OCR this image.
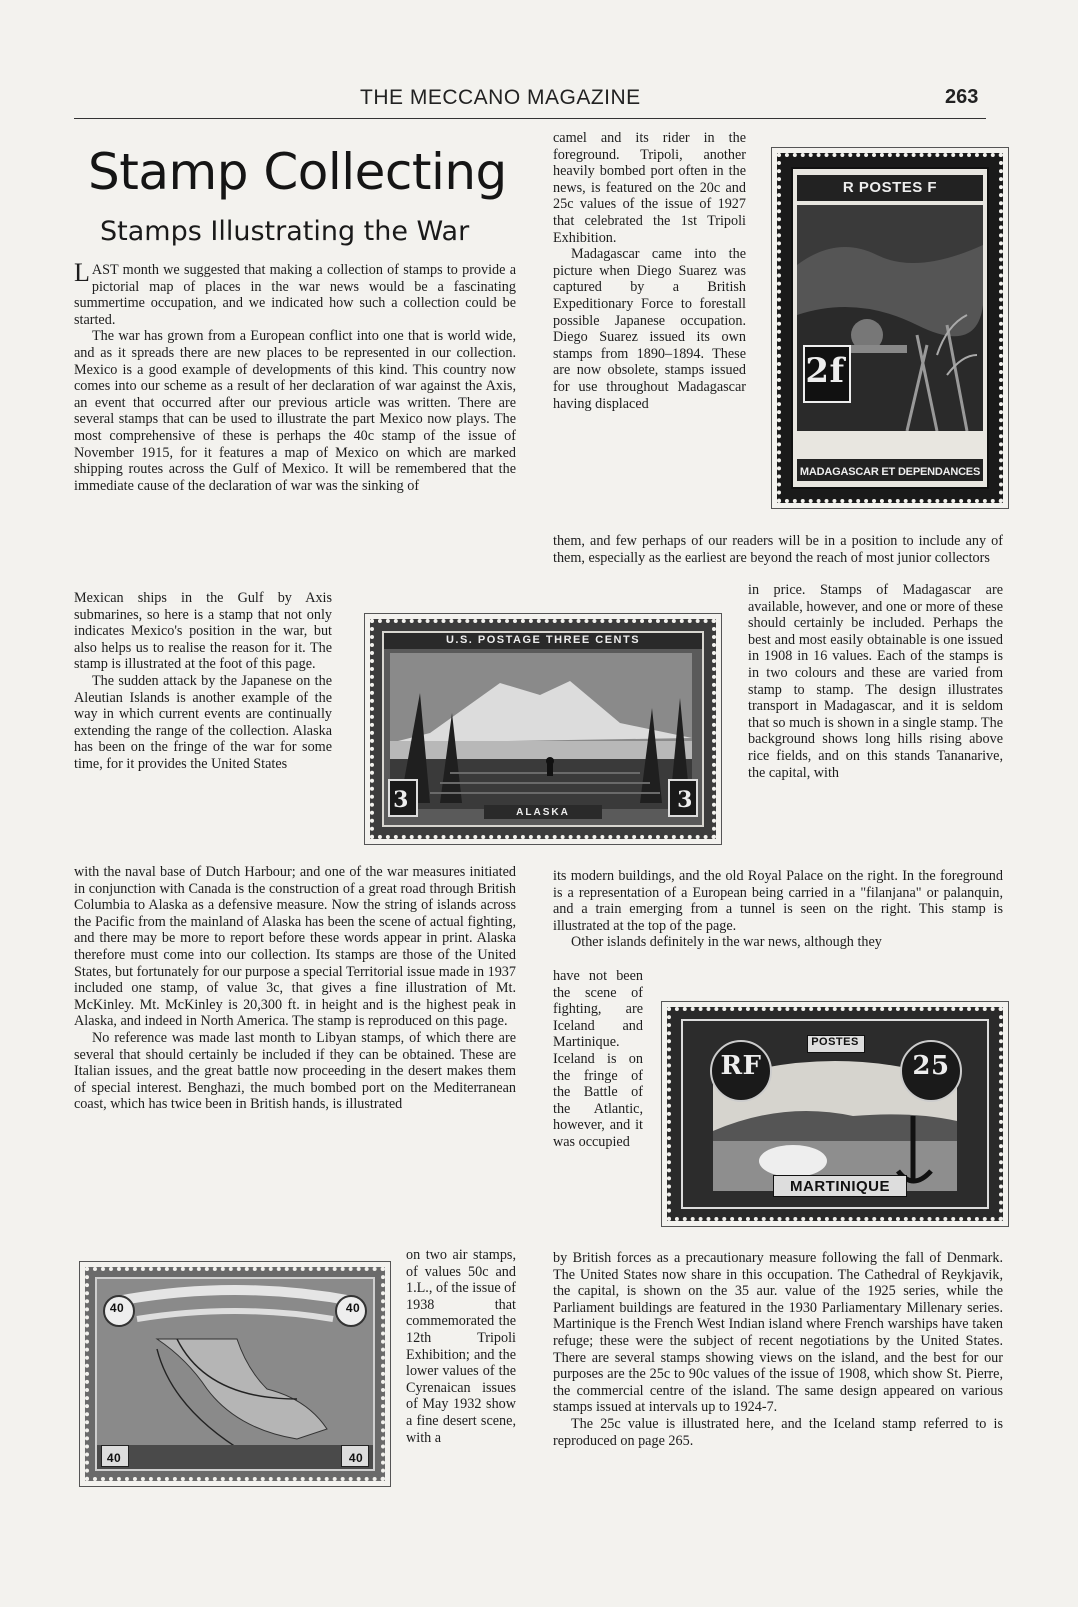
THE MECCANO MAGAZINE	263
Stamp Collecting
Stamps Illustrating the War

LAST month we suggested that making a collection of stamps to provide a pictorial map of places in the war news would be a fascinating summertime occupation, and we indicated how such a collection could be started.

The war has grown from a European conflict into one that is world wide, and as it spreads there are new places to be represented in our collection. Mexico is a good example of developments of this kind. This country now comes into our scheme as a result of her declaration of war against the Axis, an event that occurred after our previous article was written. There are several stamps that can be used to illustrate the part Mexico now plays. The most comprehensive of these is perhaps the 40c stamp of the issue of November 1915, for it features a map of Mexico on which are marked shipping routes across the Gulf of Mexico. It will be remembered that the immediate cause of the declaration of war was the sinking of

Mexican ships in the Gulf by Axis submarines, so here is a stamp that not only indicates Mexico's position in the war, but also helps us to realise the reason for it. The stamp is illustrated at the foot of this page.

The sudden attack by the Japanese on the Aleutian Islands is another example of the way in which current events are continually extending the range of the collection. Alaska has been on the fringe of the war for some time, for it provides the United States

with the naval base of Dutch Harbour; and one of the war measures initiated in conjunction with Canada is the construction of a great road through British Columbia to Alaska as a defensive measure. Now the string of islands across the Pacific from the mainland of Alaska has been the scene of actual fighting, and there may be more to report before these words appear in print. Alaska therefore must come into our collection. Its stamps are those of the United States, but fortunately for our purpose a special Territorial issue made in 1937 included one stamp, of value 3c, that gives a fine illustration of Mt. McKinley. Mt. McKinley is 20,300 ft. in height and is the highest peak in Alaska, and indeed in North America. The stamp is reproduced on this page.

No reference was made last month to Libyan stamps, of which there are several that should certainly be included if they can be obtained. These are Italian issues, and the great battle now proceeding in the desert makes them of special interest. Benghazi, the much bombed port on the Mediterranean coast, which has twice been in British hands, is illustrated

on two air stamps, of values 50c and 1.L., of the issue of 1938 that commemorated the 12th Tripoli Exhibition; and the lower values of the Cyrenaican issues of May 1932 show a fine desert scene, with a

camel and its rider in the foreground. Tripoli, another heavily bombed port often in the news, is featured on the 20c and 25c values of the issue of 1927 that celebrated the 1st Tripoli Exhibition.

Madagascar came into the picture when Diego Suarez was captured by a British Expeditionary Force to forestall possible Japanese occupation. Diego Suarez issued its own stamps from 1890–1894. These are now obsolete, stamps issued for use throughout Madagascar having displaced

them, and few perhaps of our readers will be in a position to include any of them, especially as the earliest are beyond the reach of most junior collectors

in price. Stamps of Madagascar are available, however, and one or more of these should certainly be included. Perhaps the best and most easily obtainable is one issued in 1908 in 16 values. Each of the stamps is in two colours and these are varied from stamp to stamp. The design illustrates transport in Madagascar, and it is seldom that so much is shown in a single stamp. The background shows long hills rising above rice fields, and on this stands Tananarive, the capital, with

its modern buildings, and the old Royal Palace on the right. In the foreground is a representation of a European being carried in a "filanjana" or palanquin, and a train emerging from a tunnel is seen on the right. This stamp is illustrated at the top of the page.

Other islands definitely in the war news, although they

have not been the scene of fighting, are Iceland and Martinique. Iceland is on the fringe of the Battle of the Atlantic, however, and it was occupied

by British forces as a precautionary measure following the fall of Denmark. The United States now share in this occupation. The Cathedral of Reykjavik, the capital, is shown on the 35 aur. value of the 1925 series, while the Parliament buildings are featured in the 1930 Parliamentary Millenary series. Martinique is the French West Indian island where French warships have taken refuge; these were the subject of recent negotiations by the United States. There are several stamps showing views on the island, and the best for our purposes are the 25c to 90c values of the issue of 1908, which show St. Pierre, the commercial centre of the island. The same design appeared on various stamps issued at intervals up to 1924-7.

The 25c value is illustrated here, and the Iceland stamp referred to is reproduced on page 265.

R POSTES F
2f
MADAGASCAR ET DEPENDANCES
U.S. POSTAGE THREE CENTS
3	3
ALASKA
POSTES
RF	25
MARTINIQUE
40	40
40	40
